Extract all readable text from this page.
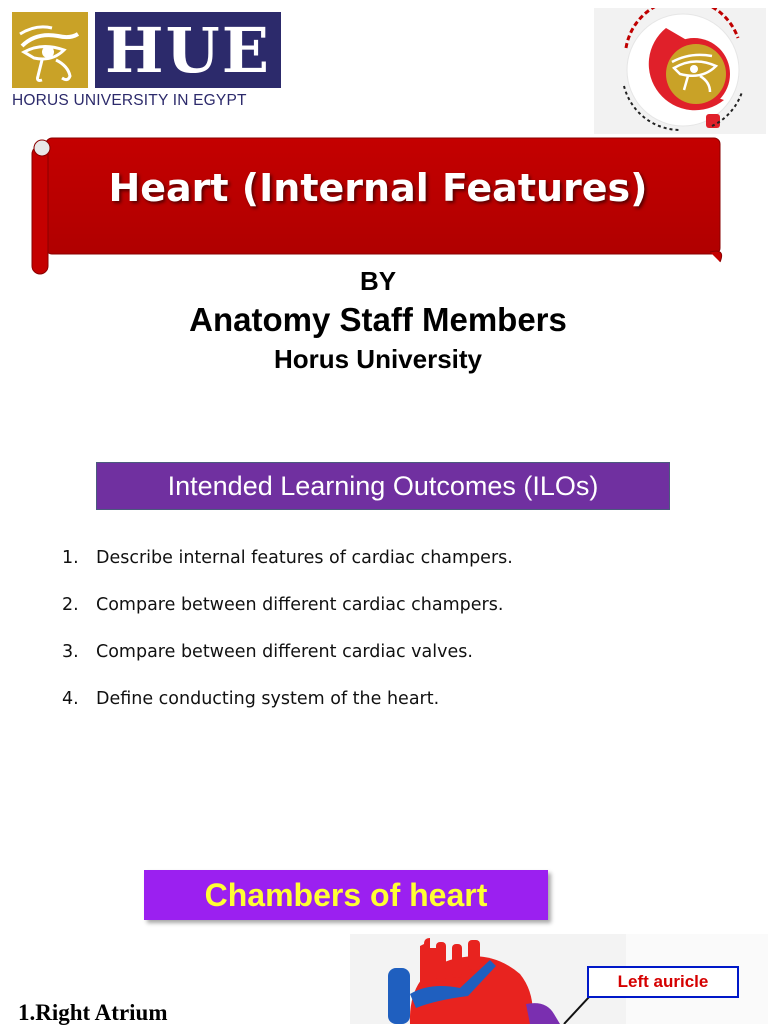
HUE
HORUS UNIVERSITY IN EGYPT
Heart (Internal Features)
BY
Anatomy Staff Members
Horus University
Intended Learning Outcomes (ILOs)
1. Describe internal features of cardiac champers.
2. Compare between different cardiac champers.
3. Compare between different cardiac valves.
4. Define conducting system of the heart.
Chambers of heart
Left auricle
1.Right Atrium
